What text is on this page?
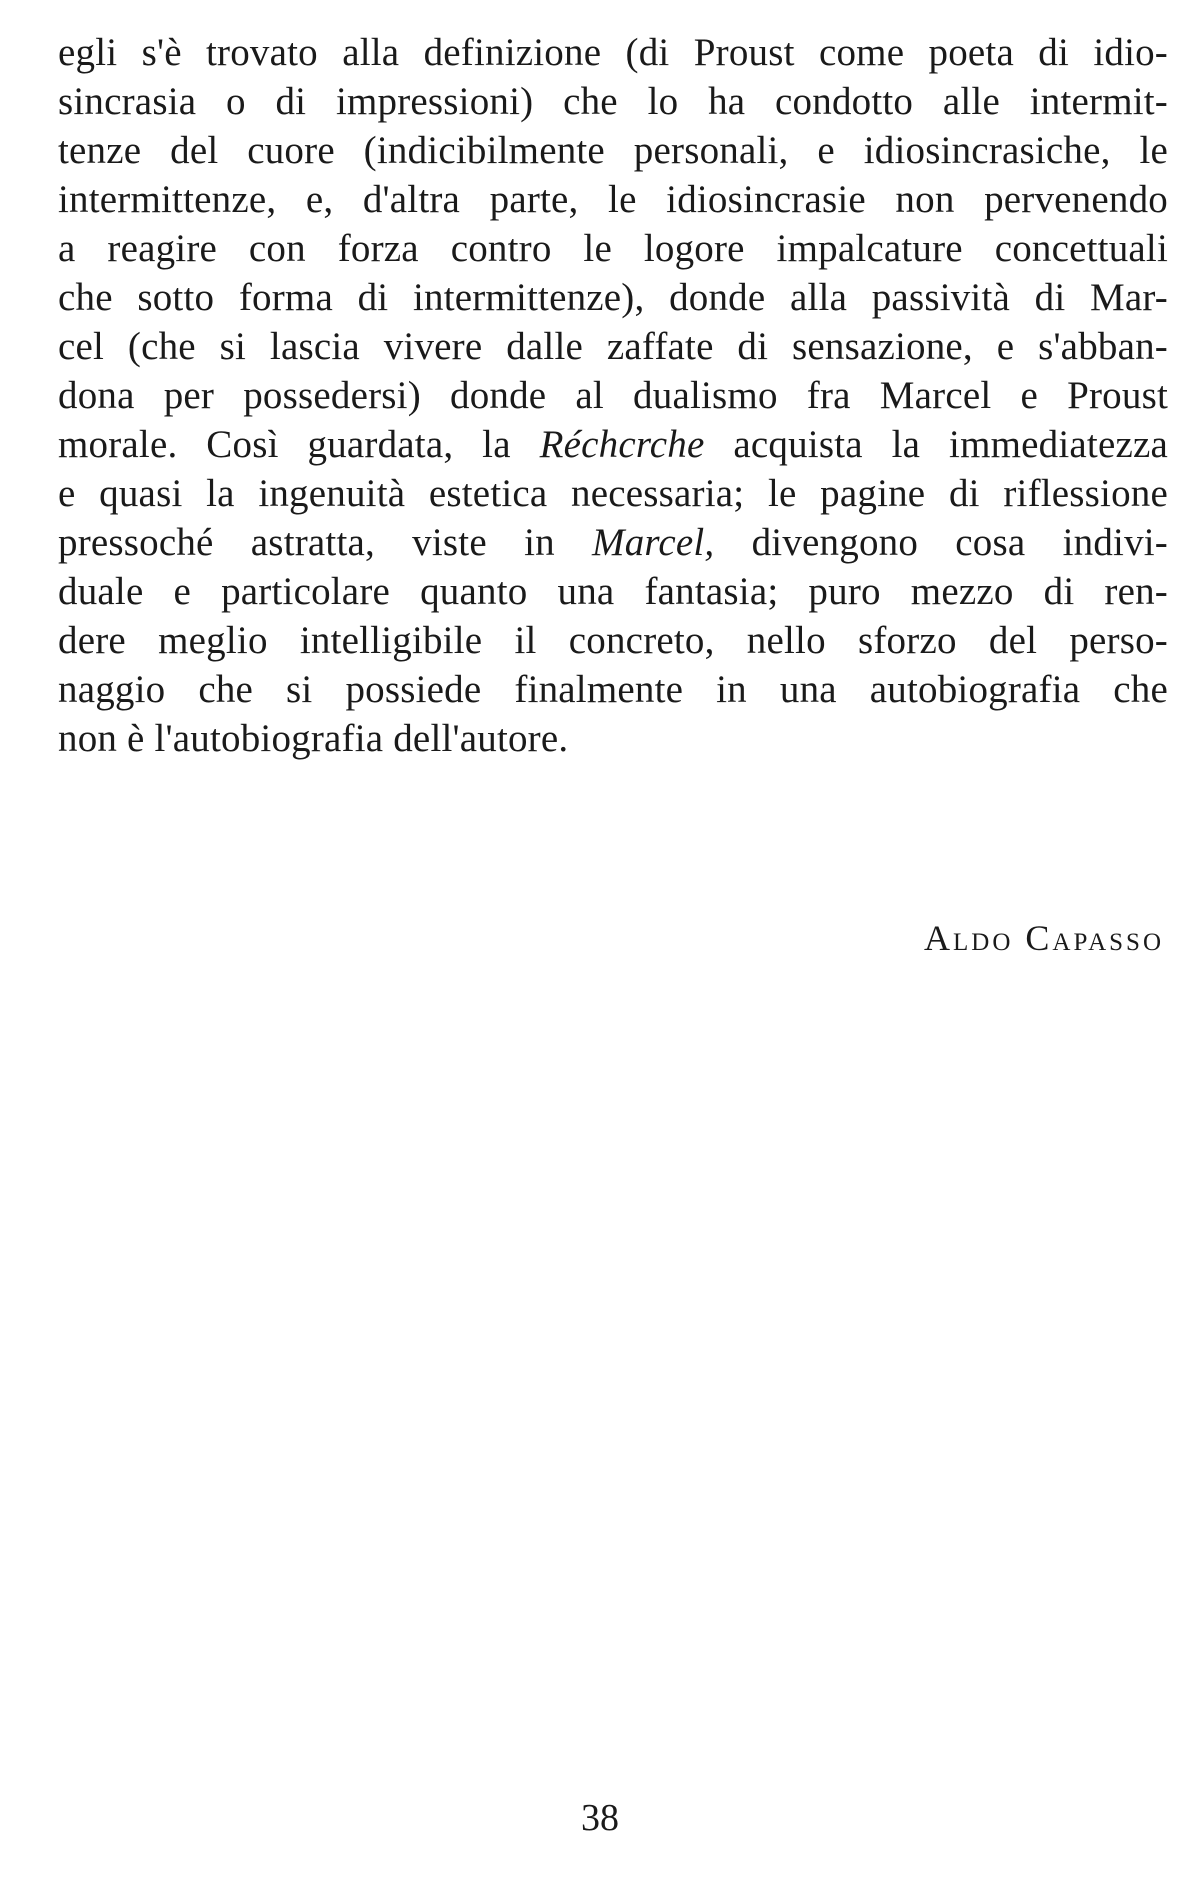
egli s'è trovato alla definizione (di Proust come poeta di idio-
sincrasia o di impressioni) che lo ha condotto alle intermit-
tenze del cuore (indicibilmente personali, e idiosincrasiche, le
intermittenze, e, d'altra parte, le idiosincrasie non pervenendo
a reagire con forza contro le logore impalcature concettuali
che sotto forma di intermittenze), donde alla passività di Mar-
cel (che si lascia vivere dalle zaffate di sensazione, e s'abban-
dona per possedersi) donde al dualismo fra Marcel e Proust
morale. Così guardata, la Réchcrche acquista la immediatezza
e quasi la ingenuità estetica necessaria; le pagine di riflessione
pressoché astratta, viste in Marcel, divengono cosa indivi-
duale e particolare quanto una fantasia; puro mezzo di ren-
dere meglio intelligibile il concreto, nello sforzo del perso-
naggio che si possiede finalmente in una autobiografia che
non è l'autobiografia dell'autore.
Aldo Capasso
38
